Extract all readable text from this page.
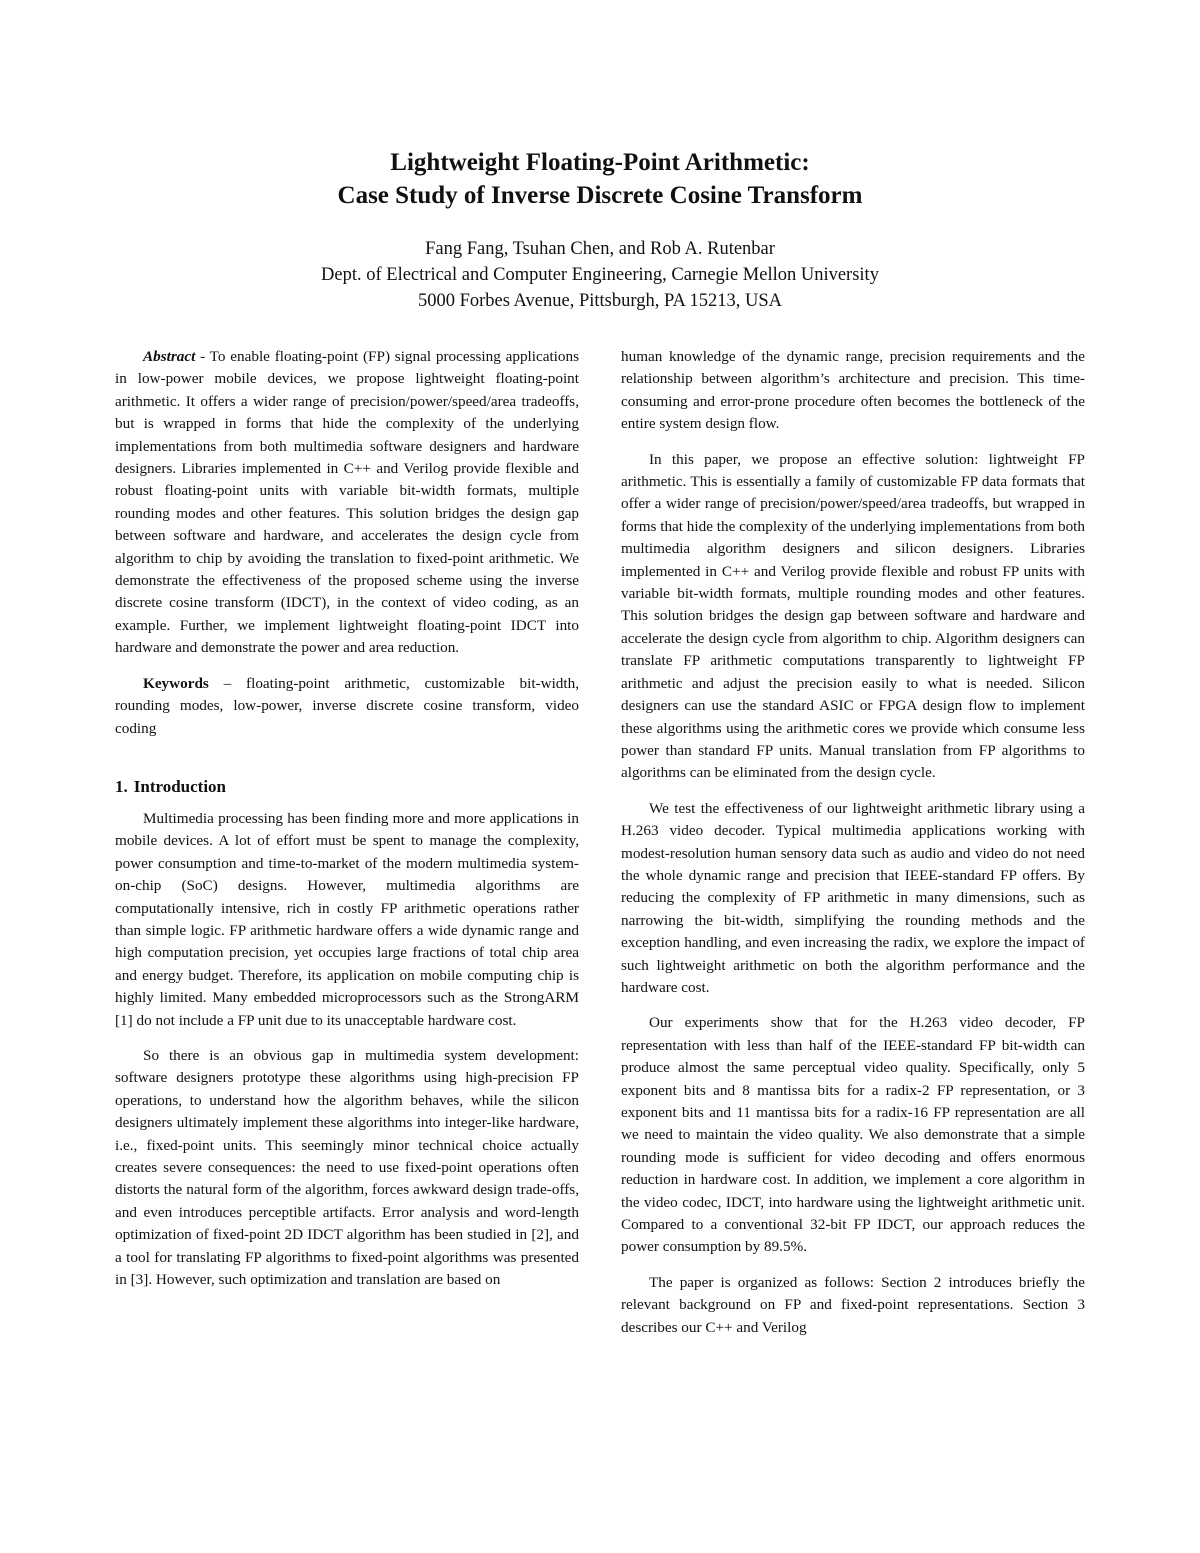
Lightweight Floating-Point Arithmetic:
Case Study of Inverse Discrete Cosine Transform
Fang Fang, Tsuhan Chen, and Rob A. Rutenbar
Dept. of Electrical and Computer Engineering, Carnegie Mellon University
5000 Forbes Avenue, Pittsburgh, PA 15213, USA

Abstract - To enable floating-point (FP) signal processing applications in low-power mobile devices, we propose lightweight floating-point arithmetic. It offers a wider range of precision/power/speed/area tradeoffs, but is wrapped in forms that hide the complexity of the underlying implementations from both multimedia software designers and hardware designers. Libraries implemented in C++ and Verilog provide flexible and robust floating-point units with variable bit-width formats, multiple rounding modes and other features. This solution bridges the design gap between software and hardware, and accelerates the design cycle from algorithm to chip by avoiding the translation to fixed-point arithmetic. We demonstrate the effectiveness of the proposed scheme using the inverse discrete cosine transform (IDCT), in the context of video coding, as an example. Further, we implement lightweight floating-point IDCT into hardware and demonstrate the power and area reduction.

Keywords – floating-point arithmetic, customizable bit-width, rounding modes, low-power, inverse discrete cosine transform, video coding

1. Introduction

Multimedia processing has been finding more and more applications in mobile devices. A lot of effort must be spent to manage the complexity, power consumption and time-to-market of the modern multimedia system-on-chip (SoC) designs. However, multimedia algorithms are computationally intensive, rich in costly FP arithmetic operations rather than simple logic. FP arithmetic hardware offers a wide dynamic range and high computation precision, yet occupies large fractions of total chip area and energy budget. Therefore, its application on mobile computing chip is highly limited. Many embedded microprocessors such as the StrongARM [1] do not include a FP unit due to its unacceptable hardware cost.

So there is an obvious gap in multimedia system development: software designers prototype these algorithms using high-precision FP operations, to understand how the algorithm behaves, while the silicon designers ultimately implement these algorithms into integer-like hardware, i.e., fixed-point units. This seemingly minor technical choice actually creates severe consequences: the need to use fixed-point operations often distorts the natural form of the algorithm, forces awkward design trade-offs, and even introduces perceptible artifacts. Error analysis and word-length optimization of fixed-point 2D IDCT algorithm has been studied in [2], and a tool for translating FP algorithms to fixed-point algorithms was presented in [3]. However, such optimization and translation are based on

human knowledge of the dynamic range, precision requirements and the relationship between algorithm’s architecture and precision. This time-consuming and error-prone procedure often becomes the bottleneck of the entire system design flow.

In this paper, we propose an effective solution: lightweight FP arithmetic. This is essentially a family of customizable FP data formats that offer a wider range of precision/power/speed/area tradeoffs, but wrapped in forms that hide the complexity of the underlying implementations from both multimedia algorithm designers and silicon designers. Libraries implemented in C++ and Verilog provide flexible and robust FP units with variable bit-width formats, multiple rounding modes and other features. This solution bridges the design gap between software and hardware and accelerate the design cycle from algorithm to chip. Algorithm designers can translate FP arithmetic computations transparently to lightweight FP arithmetic and adjust the precision easily to what is needed. Silicon designers can use the standard ASIC or FPGA design flow to implement these algorithms using the arithmetic cores we provide which consume less power than standard FP units. Manual translation from FP algorithms to algorithms can be eliminated from the design cycle.

We test the effectiveness of our lightweight arithmetic library using a H.263 video decoder. Typical multimedia applications working with modest-resolution human sensory data such as audio and video do not need the whole dynamic range and precision that IEEE-standard FP offers. By reducing the complexity of FP arithmetic in many dimensions, such as narrowing the bit-width, simplifying the rounding methods and the exception handling, and even increasing the radix, we explore the impact of such lightweight arithmetic on both the algorithm performance and the hardware cost.

Our experiments show that for the H.263 video decoder, FP representation with less than half of the IEEE-standard FP bit-width can produce almost the same perceptual video quality. Specifically, only 5 exponent bits and 8 mantissa bits for a radix-2 FP representation, or 3 exponent bits and 11 mantissa bits for a radix-16 FP representation are all we need to maintain the video quality. We also demonstrate that a simple rounding mode is sufficient for video decoding and offers enormous reduction in hardware cost. In addition, we implement a core algorithm in the video codec, IDCT, into hardware using the lightweight arithmetic unit. Compared to a conventional 32-bit FP IDCT, our approach reduces the power consumption by 89.5%.

The paper is organized as follows: Section 2 introduces briefly the relevant background on FP and fixed-point representations. Section 3 describes our C++ and Verilog
